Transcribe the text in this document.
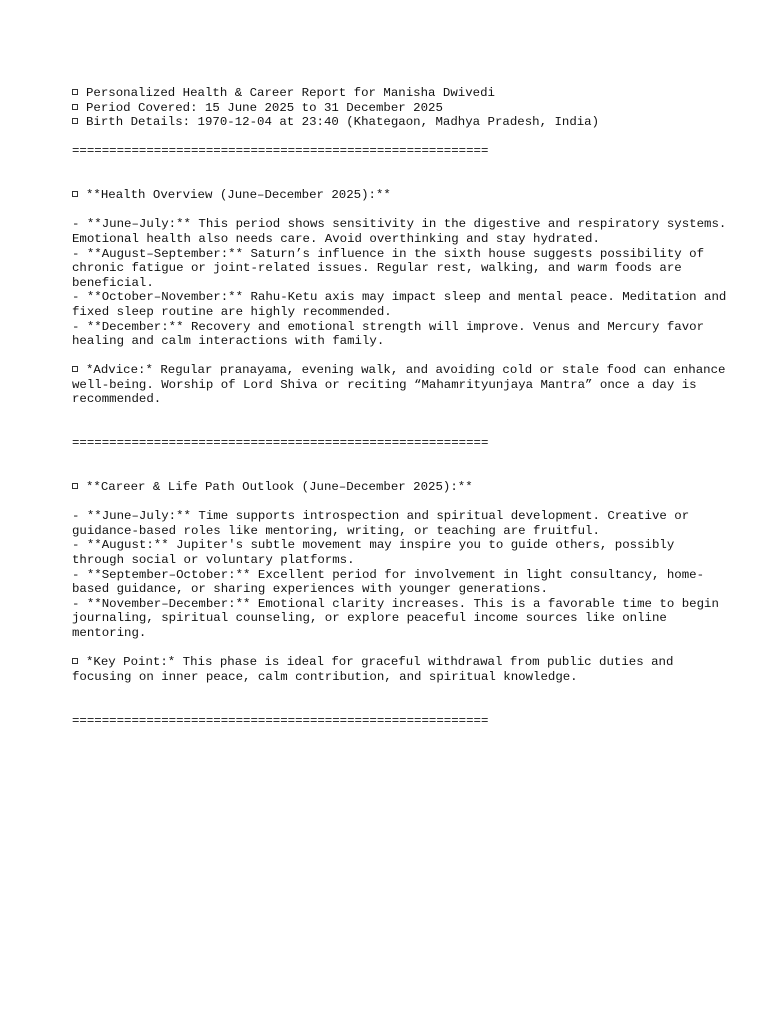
Personalized Health & Career Report for Manisha Dwivedi
Period Covered: 15 June 2025 to 31 December 2025
Birth Details: 1970-12-04 at 23:40 (Khategaon, Madhya Pradesh, India)
========================================================
**Health Overview (June–December 2025):**
- **June–July:** This period shows sensitivity in the digestive and respiratory systems. Emotional health also needs care. Avoid overthinking and stay hydrated.
- **August–September:** Saturn’s influence in the sixth house suggests possibility of chronic fatigue or joint-related issues. Regular rest, walking, and warm foods are beneficial.
- **October–November:** Rahu-Ketu axis may impact sleep and mental peace. Meditation and fixed sleep routine are highly recommended.
- **December:** Recovery and emotional strength will improve. Venus and Mercury favor healing and calm interactions with family.
*Advice:* Regular pranayama, evening walk, and avoiding cold or stale food can enhance well-being. Worship of Lord Shiva or reciting “Mahamrityunjaya Mantra” once a day is recommended.
========================================================
**Career & Life Path Outlook (June–December 2025):**
- **June–July:** Time supports introspection and spiritual development. Creative or guidance-based roles like mentoring, writing, or teaching are fruitful.
- **August:** Jupiter's subtle movement may inspire you to guide others, possibly through social or voluntary platforms.
- **September–October:** Excellent period for involvement in light consultancy, home-based guidance, or sharing experiences with younger generations.
- **November–December:** Emotional clarity increases. This is a favorable time to begin journaling, spiritual counseling, or explore peaceful income sources like online mentoring.
*Key Point:* This phase is ideal for graceful withdrawal from public duties and focusing on inner peace, calm contribution, and spiritual knowledge.
========================================================
